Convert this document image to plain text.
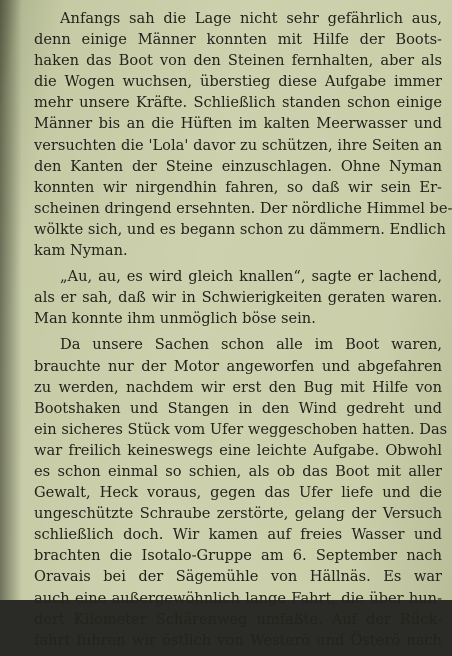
Anfangs sah die Lage nicht sehr gefährlich aus,
denn einige Männer konnten mit Hilfe der Boots-
haken das Boot von den Steinen fernhalten, aber als
die Wogen wuchsen, überstieg diese Aufgabe immer
mehr unsere Kräfte. Schließlich standen schon einige
Männer bis an die Hüften im kalten Meerwasser und
versuchten die 'Lola' davor zu schützen, ihre Seiten an
den Kanten der Steine einzuschlagen. Ohne Nyman
konnten wir nirgendhin fahren, so daß wir sein Er-
scheinen dringend ersehnten. Der nördliche Himmel be-
wölkte sich, und es begann schon zu dämmern. Endlich
kam Nyman.
„Au, au, es wird gleich knallen“, sagte er lachend,
als er sah, daß wir in Schwierigkeiten geraten waren.
Man konnte ihm unmöglich böse sein.
Da unsere Sachen schon alle im Boot waren,
brauchte nur der Motor angeworfen und abgefahren
zu werden, nachdem wir erst den Bug mit Hilfe von
Bootshaken und Stangen in den Wind gedreht und
ein sicheres Stück vom Ufer weggeschoben hatten. Das
war freilich keineswegs eine leichte Aufgabe. Obwohl
es schon einmal so schien, als ob das Boot mit aller
Gewalt, Heck voraus, gegen das Ufer liefe und die
ungeschützte Schraube zerstörte, gelang der Versuch
schließlich doch. Wir kamen auf freies Wasser und
brachten die Isotalo-Gruppe am 6. September nach
Oravais bei der Sägemühle von Hällnäs. Es war
auch eine außergewöhnlich lange Fahrt, die über hun-
dert Kilometer Schärenweg umfaßte. Auf der Rück-
fahrt fuhren wir östlich von Westerö und Österö nach
